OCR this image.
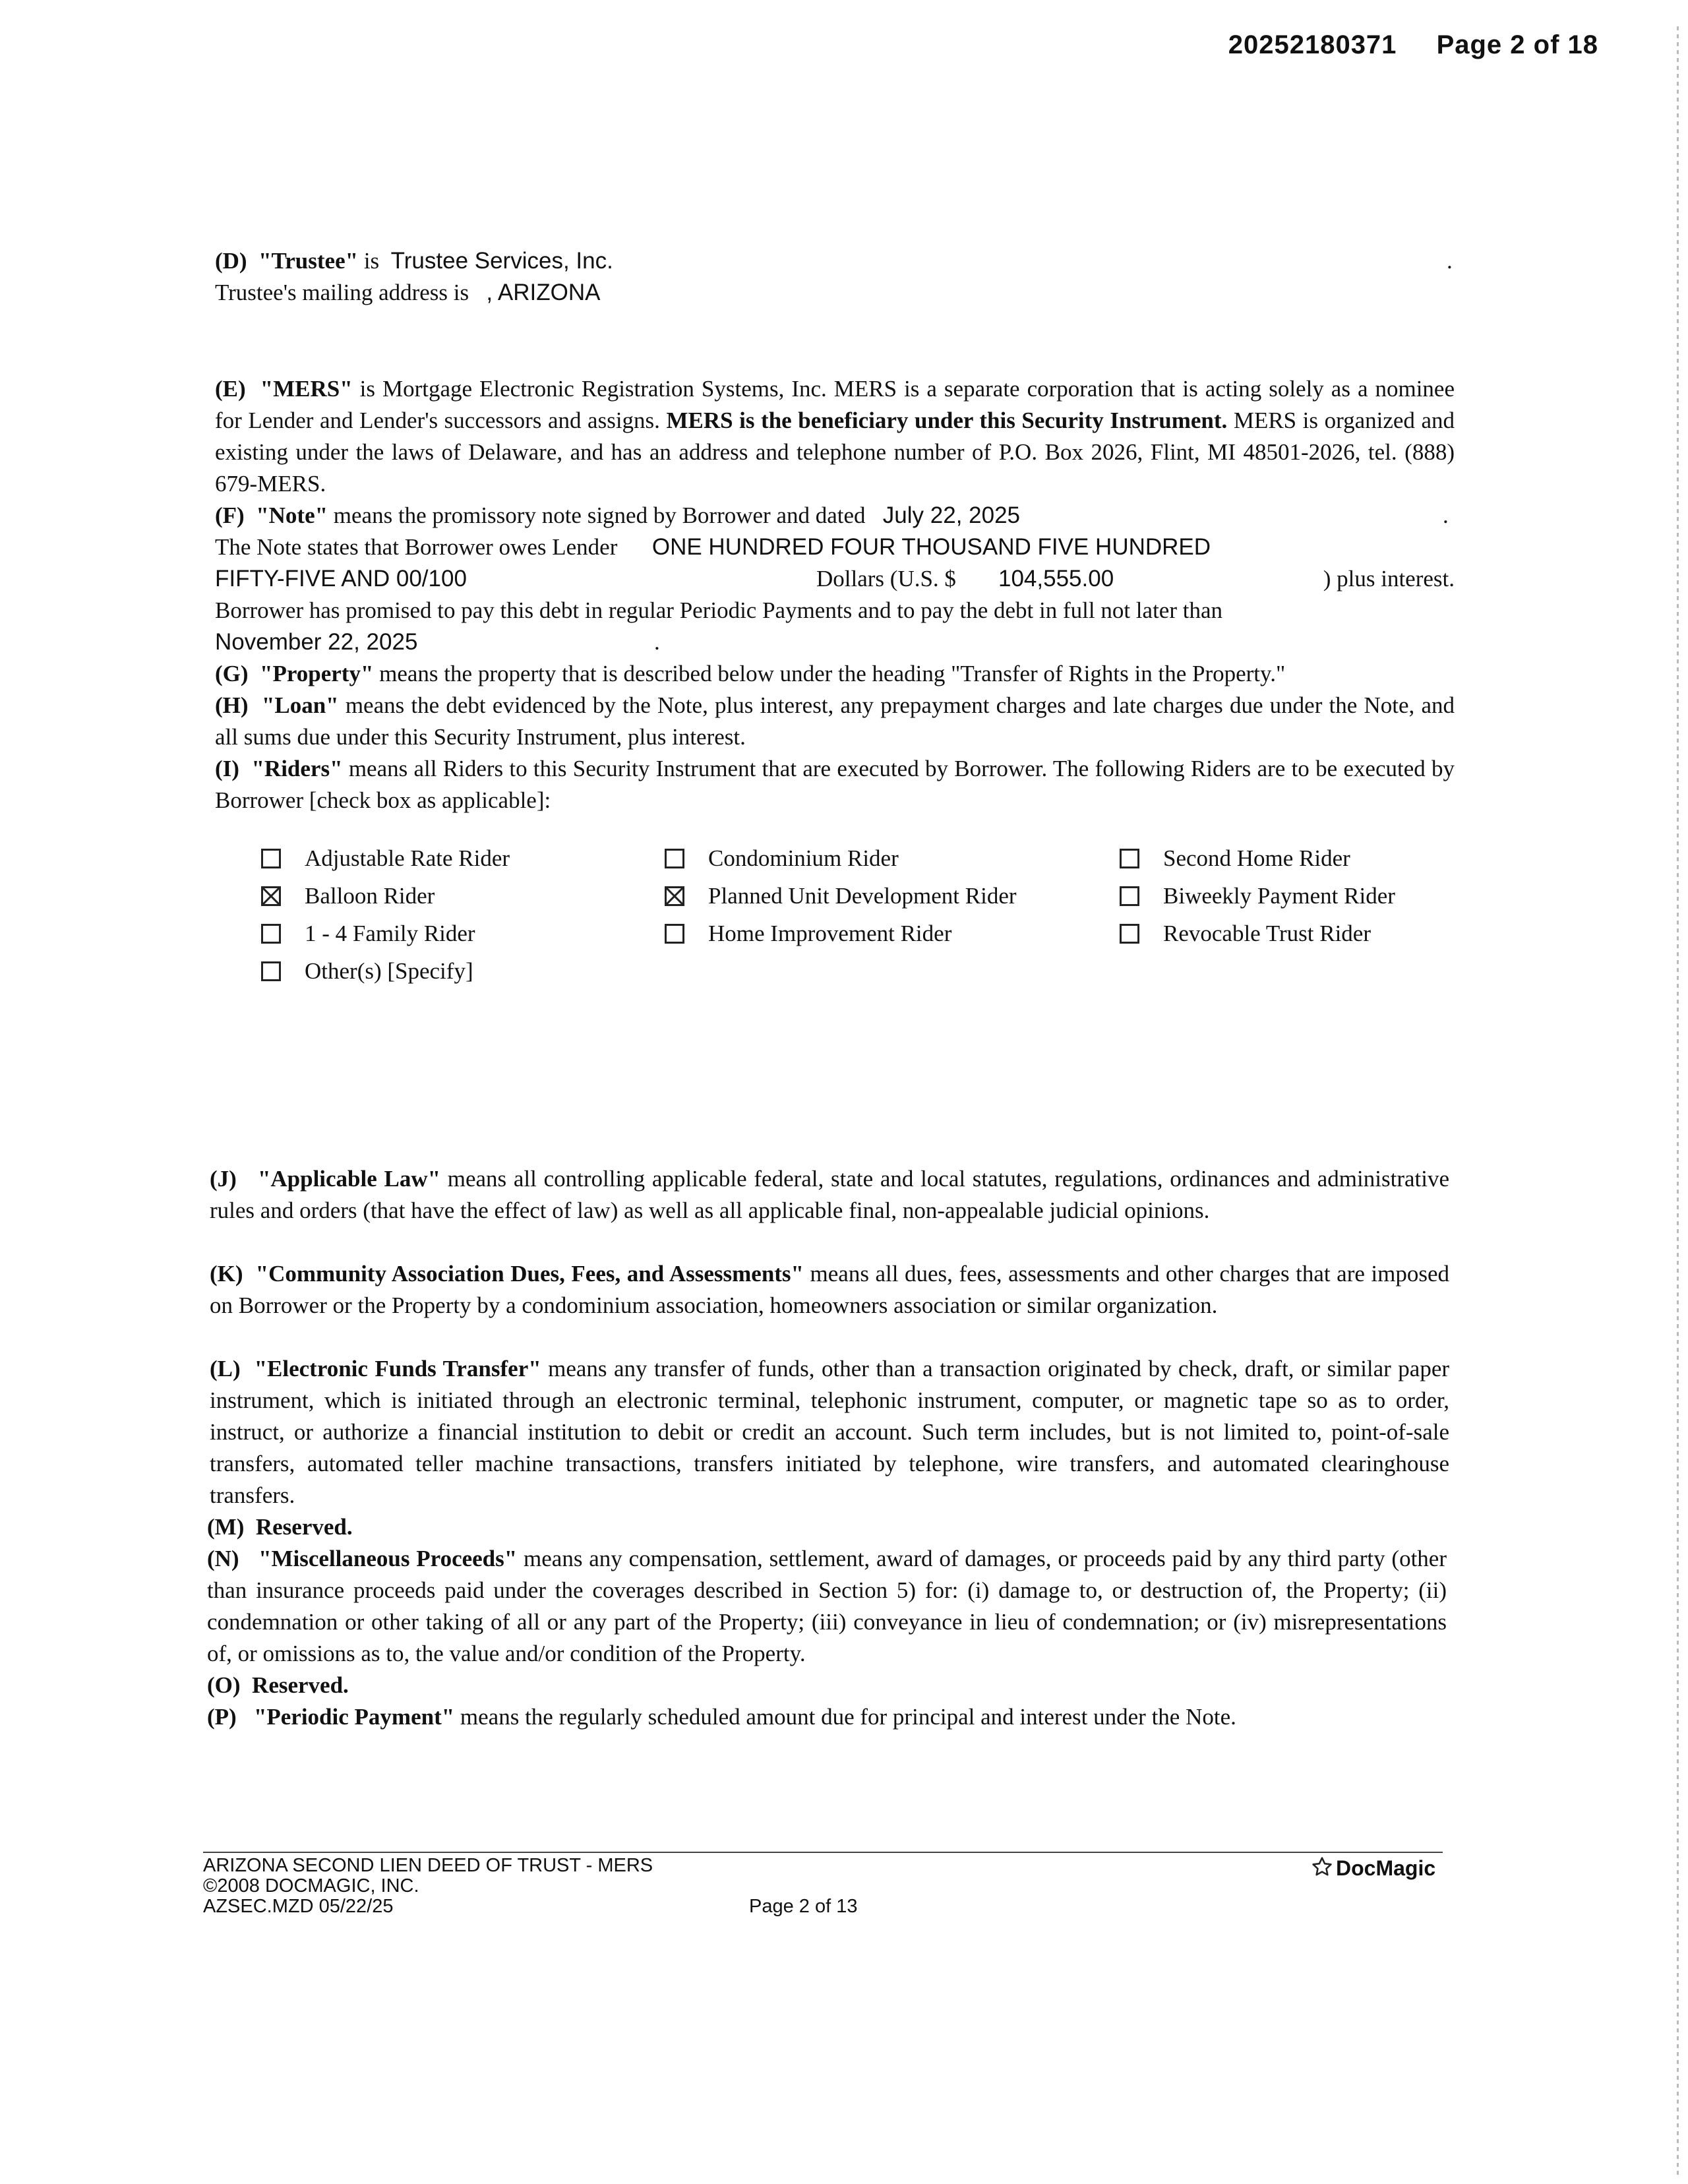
20252180371 Page 2 of 18
(D) "Trustee" is Trustee Services, Inc.	.
Trustee's mailing address is , ARIZONA
(E) "MERS" is Mortgage Electronic Registration Systems, Inc. MERS is a separate corporation that is acting solely as a nominee for Lender and Lender's successors and assigns. MERS is the beneficiary under this Security Instrument. MERS is organized and existing under the laws of Delaware, and has an address and telephone number of P.O. Box 2026, Flint, MI 48501-2026, tel. (888) 679-MERS.
(F) "Note" means the promissory note signed by Borrower and dated July 22, 2025	.
The Note states that Borrower owes Lender ONE HUNDRED FOUR THOUSAND FIVE HUNDRED
FIFTY-FIVE AND 00/100	Dollars (U.S. $ 104,555.00	) plus interest.
Borrower has promised to pay this debt in regular Periodic Payments and to pay the debt in full not later than
November 22, 2025	.
(G) "Property" means the property that is described below under the heading "Transfer of Rights in the Property."
(H) "Loan" means the debt evidenced by the Note, plus interest, any prepayment charges and late charges due under the Note, and all sums due under this Security Instrument, plus interest.
(I) "Riders" means all Riders to this Security Instrument that are executed by Borrower. The following Riders are to be executed by Borrower [check box as applicable]:
Adjustable Rate Rider	Condominium Rider	Second Home Rider
Balloon Rider	Planned Unit Development Rider	Biweekly Payment Rider
1 - 4 Family Rider	Home Improvement Rider	Revocable Trust Rider
Other(s) [Specify]
(J) "Applicable Law" means all controlling applicable federal, state and local statutes, regulations, ordinances and administrative rules and orders (that have the effect of law) as well as all applicable final, non-appealable judicial opinions.
(K) "Community Association Dues, Fees, and Assessments" means all dues, fees, assessments and other charges that are imposed on Borrower or the Property by a condominium association, homeowners association or similar organization.
(L) "Electronic Funds Transfer" means any transfer of funds, other than a transaction originated by check, draft, or similar paper instrument, which is initiated through an electronic terminal, telephonic instrument, computer, or magnetic tape so as to order, instruct, or authorize a financial institution to debit or credit an account. Such term includes, but is not limited to, point-of-sale transfers, automated teller machine transactions, transfers initiated by telephone, wire transfers, and automated clearinghouse transfers.
(M) Reserved.
(N) "Miscellaneous Proceeds" means any compensation, settlement, award of damages, or proceeds paid by any third party (other than insurance proceeds paid under the coverages described in Section 5) for: (i) damage to, or destruction of, the Property; (ii) condemnation or other taking of all or any part of the Property; (iii) conveyance in lieu of condemnation; or (iv) misrepresentations of, or omissions as to, the value and/or condition of the Property.
(O) Reserved.
(P) "Periodic Payment" means the regularly scheduled amount due for principal and interest under the Note.
ARIZONA SECOND LIEN DEED OF TRUST - MERS
©2008 DOCMAGIC, INC.
AZSEC.MZD 05/22/25	Page 2 of 13
DocMagic
